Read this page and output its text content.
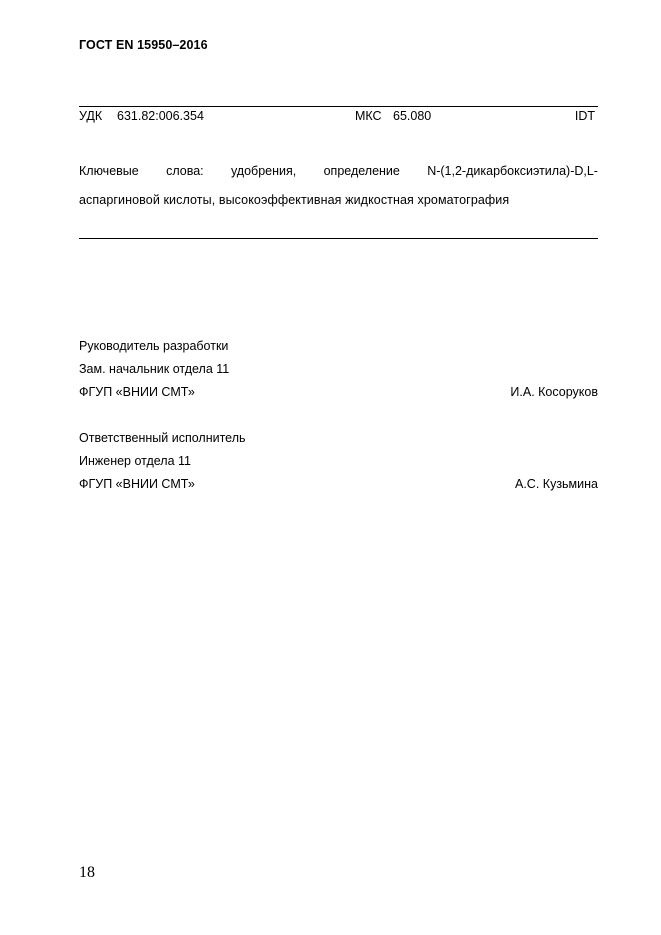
ГОСТ EN 15950–2016
УДК 631.82:006.354	МКС 65.080	IDT
Ключевые слова: удобрения, определение N-(1,2-дикарбоксиэтила)-D,L-
аспаргиновой кислоты, высокоэффективная жидкостная хроматография
Руководитель разработки
Зам. начальник отдела 11
ФГУП «ВНИИ СМТ»	И.А. Косоруков
Ответственный исполнитель
Инженер отдела 11
ФГУП «ВНИИ СМТ»	А.С. Кузьмина
18
